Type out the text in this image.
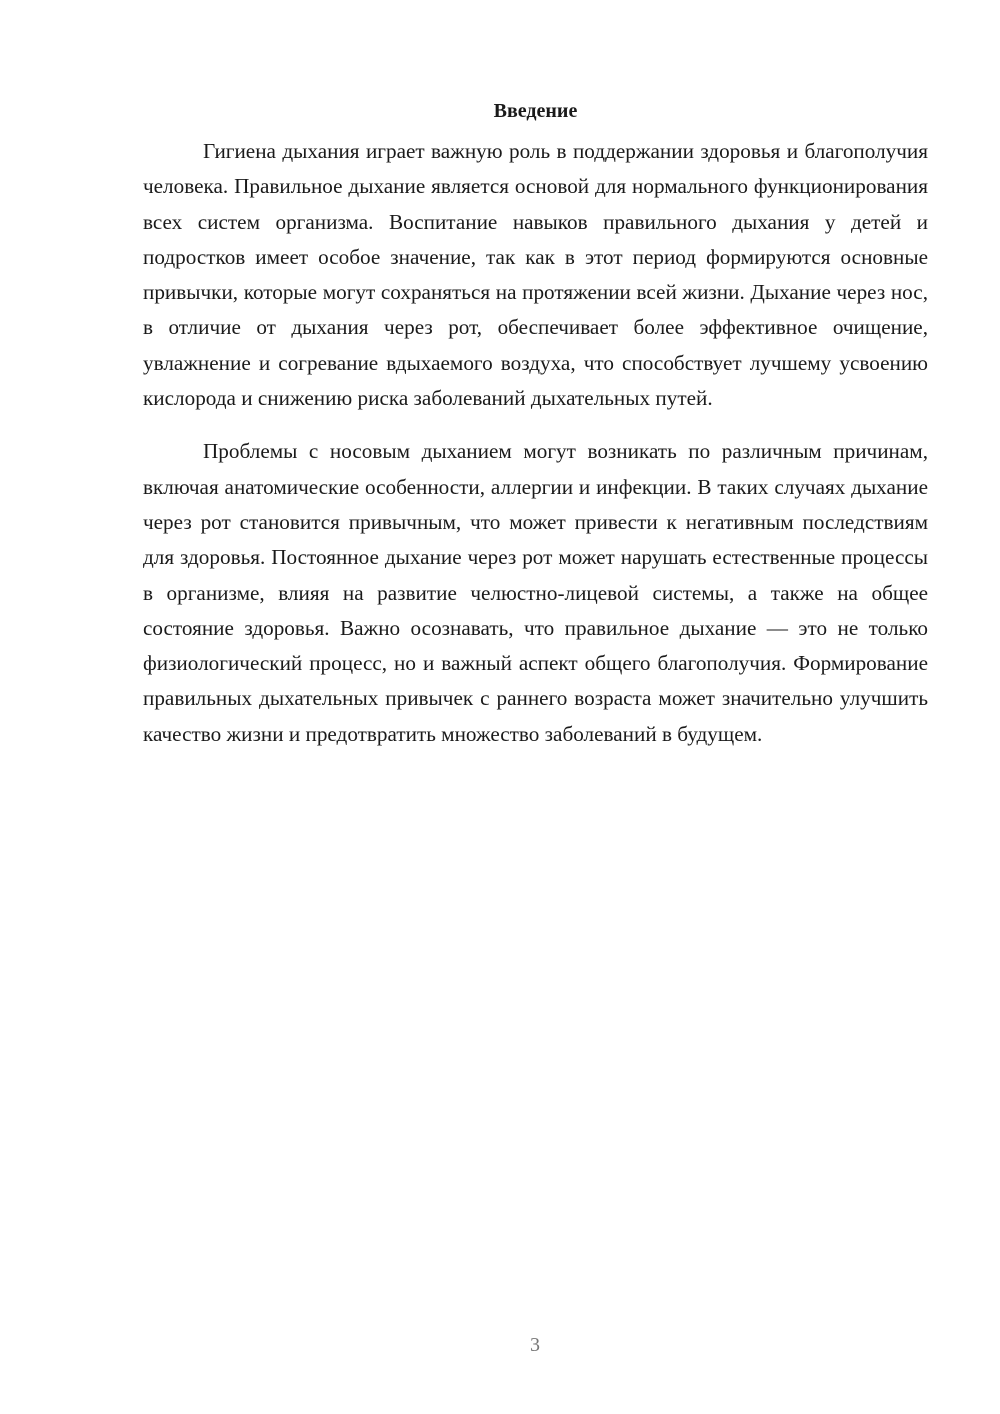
Введение

Гигиена дыхания играет важную роль в поддержании здоровья и благополучия человека. Правильное дыхание является основой для нормального функционирования всех систем организма. Воспитание навыков правильного дыхания у детей и подростков имеет особое значение, так как в этот период формируются основные привычки, которые могут сохраняться на протяжении всей жизни. Дыхание через нос, в отличие от дыхания через рот, обеспечивает более эффективное очищение, увлажнение и согревание вдыхаемого воздуха, что способствует лучшему усвоению кислорода и снижению риска заболеваний дыхательных путей.

Проблемы с носовым дыханием могут возникать по различным причинам, включая анатомические особенности, аллергии и инфекции. В таких случаях дыхание через рот становится привычным, что может привести к негативным последствиям для здоровья. Постоянное дыхание через рот может нарушать естественные процессы в организме, влияя на развитие челюстно-лицевой системы, а также на общее состояние здоровья. Важно осознавать, что правильное дыхание — это не только физиологический процесс, но и важный аспект общего благополучия. Формирование правильных дыхательных привычек с раннего возраста может значительно улучшить качество жизни и предотвратить множество заболеваний в будущем.

3
